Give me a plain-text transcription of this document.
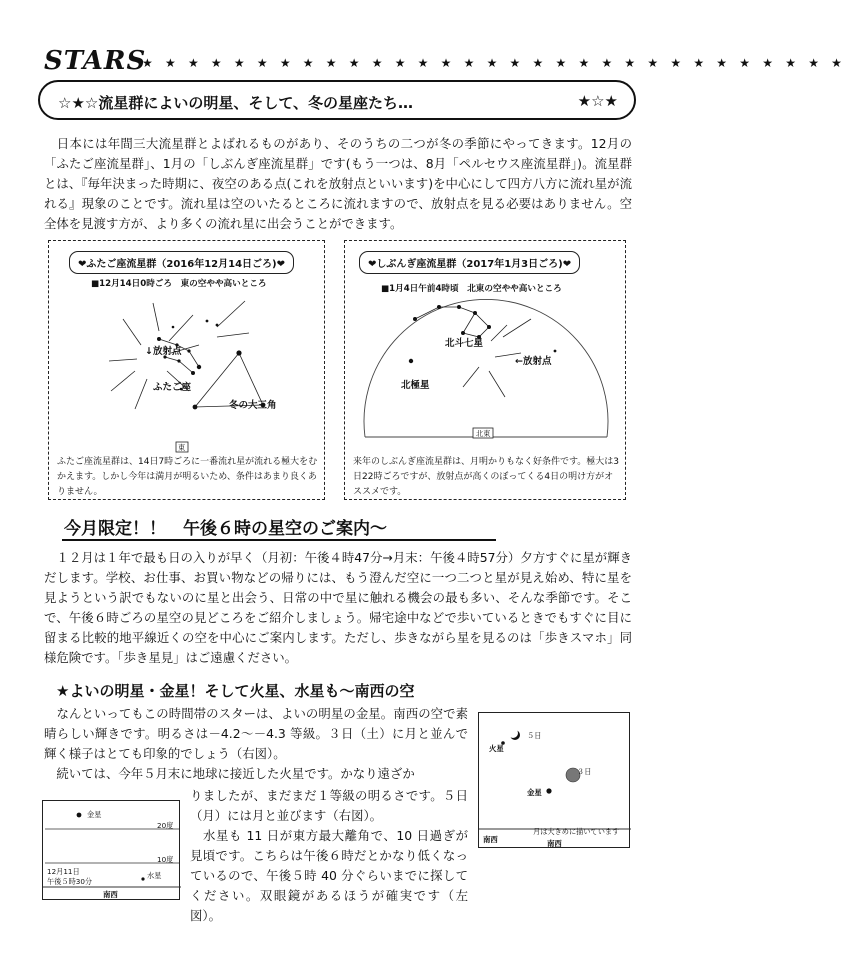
STARS
★ ★ ★ ★ ★ ★ ★ ★ ★ ★ ★ ★ ★ ★ ★ ★ ★ ★ ★ ★ ★ ★ ★ ★ ★ ★ ★ ★ ★ ★ ★
☆★☆流星群によいの明星、そして、冬の星座たち…	★☆★
　日本には年間三大流星群とよばれるものがあり、そのうちの二つが冬の季節にやってきます。12月の「ふたご座流星群」、1月の「しぶんぎ座流星群」です(もう一つは、8月「ペルセウス座流星群」)。流星群とは、『毎年決まった時期に、夜空のある点(これを放射点といいます)を中心にして四方八方に流れ星が流れる』現象のことです。流れ星は空のいたるところに流れますので、放射点を見る必要はありません。空全体を見渡す方が、より多くの流れ星に出会うことができます。
❤ふたご座流星群（2016年12月14日ごろ)❤
■12月14日0時ごろ　東の空やや高いところ
↓放射点
ふたご座
冬の大三角
東
ふたご座流星群は、14日7時ごろに一番流れ星が流れる極大をむかえます。しかし今年は満月が明るいため、条件はあまり良くありません。
❤しぶんぎ座流星群（2017年1月3日ごろ)❤
■1月4日午前4時頃　北東の空やや高いところ
北斗七星
←放射点
北極星
北東
来年のしぶんぎ座流星群は、月明かりもなく好条件です。極大は3日22時ごろですが、放射点が高くのぼってくる4日の明け方がオススメです。
今月限定！！　午後６時の星空のご案内～
　１２月は１年で最も日の入りが早く（月初：午後４時47分→月末：午後４時57分）夕方すぐに星が輝きだします。学校、お仕事、お買い物などの帰りには、もう澄んだ空に一つ二つと星が見え始め、特に星を見ようという訳でもないのに星と出会う、日常の中で星に触れる機会の最も多い、そんな季節です。そこで、午後６時ごろの星空の見どころをご紹介しましょう。帰宅途中などで歩いているときでもすぐに目に留まる比較的地平線近くの空を中心にご案内します。ただし、歩きながら星を見るのは「歩きスマホ」同様危険です。「歩き星見」はご遠慮ください。
★よいの明星・金星！そして火星、水星も～南西の空
　なんといってもこの時間帯のスターは、よいの明星の金星。南西の空で素晴らしい輝きです。明るさは－4.2～－4.3 等級。３日（土）に月と並んで輝く様子はとても印象的でしょう（右図）。
　続いては、今年５月末に地球に接近した火星です。かなり遠ざか
りましたが、まだまだ１等級の明るさです。５日（月）には月と並びます（右図）。
　水星も 11 日が東方最大離角で、10 日過ぎが見頃です。こちらは午後６時だとかなり低くなっているので、午後５時 40 分ぐらいまでに探してください。双眼鏡があるほうが確実です（左図）。
火星
５日
３日
金星
南西	南西
月は大きめに描いています
金星
20度
10度
12月11日
午後５時30分
水星
南西
